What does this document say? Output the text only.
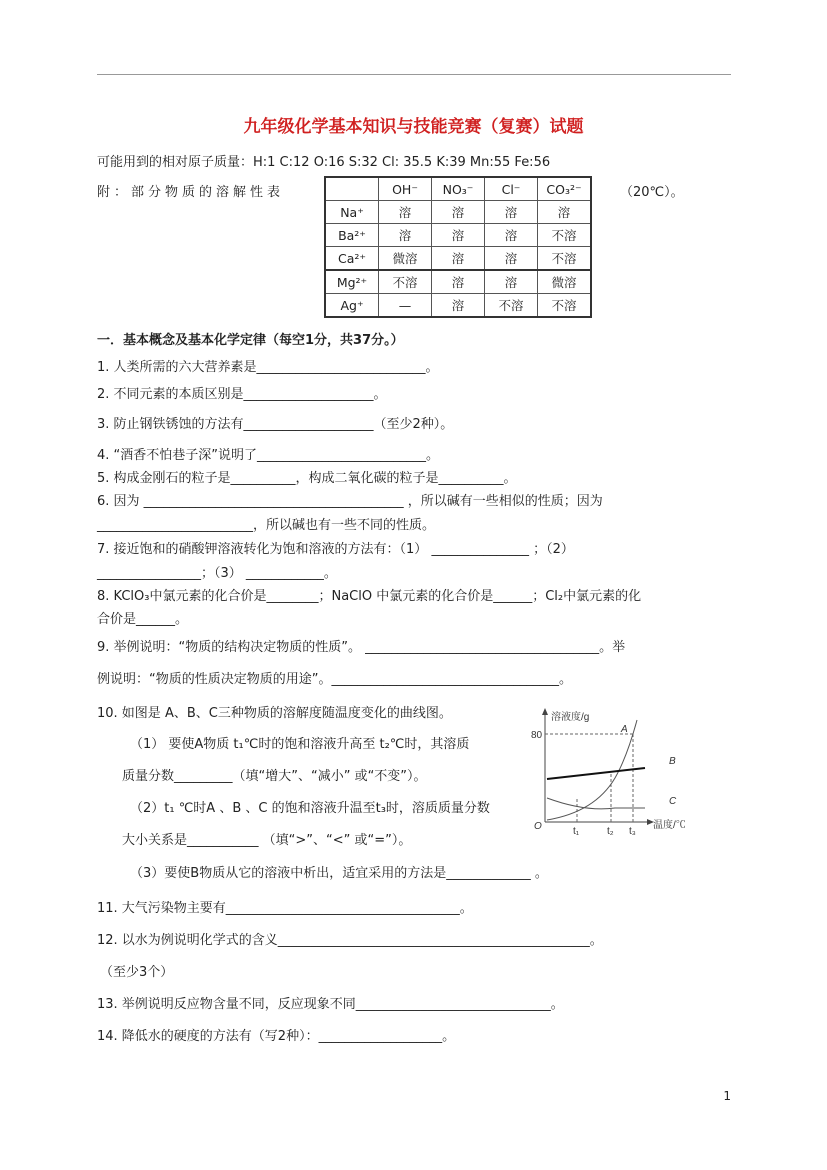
九年级化学基本知识与技能竞赛（复赛）试题
可能用到的相对原子质量：H:1 C:12 O:16 S:32 Cl: 35.5 K:39 Mn:55 Fe:56
附：部分物质的溶解性表	（20℃）。
	OH⁻	NO₃⁻	Cl⁻	CO₃²⁻
Na⁺	溶	溶	溶	溶
Ba²⁺	溶	溶	溶	不溶
Ca²⁺	微溶	溶	溶	不溶
Mg²⁺	不溶	溶	溶	微溶
Ag⁺	—	溶	不溶	不溶
一．基本概念及基本化学定律（每空1分，共37分。）
1. 人类所需的六大营养素是__________________________。
2. 不同元素的本质区别是____________________。
3. 防止钢铁锈蚀的方法有____________________（至少2种）。
4. “酒香不怕巷子深”说明了__________________________。
5. 构成金刚石的粒子是__________，构成二氧化碳的粒子是__________。
6. 因为 ________________________________________ ，所以碱有一些相似的性质；因为
________________________，所以碱也有一些不同的性质。
7. 接近饱和的硝酸钾溶液转化为饱和溶液的方法有：（1） _______________ ；（2）
________________；（3） ____________。
8. KClO₃中氯元素的化合价是________；NaClO 中氯元素的化合价是______；Cl₂中氯元素的化
合价是______。
9. 举例说明：“物质的结构决定物质的性质”。 ____________________________________。举
例说明：“物质的性质决定物质的用途”。___________________________________。
10. 如图是 A、B、C三种物质的溶解度随温度变化的曲线图。
（1） 要使A物质 t₁℃时的饱和溶液升高至 t₂℃时，其溶质
质量分数_________（填“增大”、“减小” 或“不变”）。
（2）t₁ ℃时A 、B 、C 的饱和溶液升温至t₃时，溶质质量分数
大小关系是___________ （填“>”、“<” 或“=”）。
（3）要使B物质从它的溶液中析出，适宜采用的方法是_____________ 。
11. 大气污染物主要有____________________________________。
12. 以水为例说明化学式的含义________________________________________________。
（至少3个）
13. 举例说明反应物含量不同，反应现象不同______________________________。
14. 降低水的硬度的方法有（写2种）：___________________。
溶液度/g
80
O	t₁	t₂ t₃
温度/℃
A
B
C
1
